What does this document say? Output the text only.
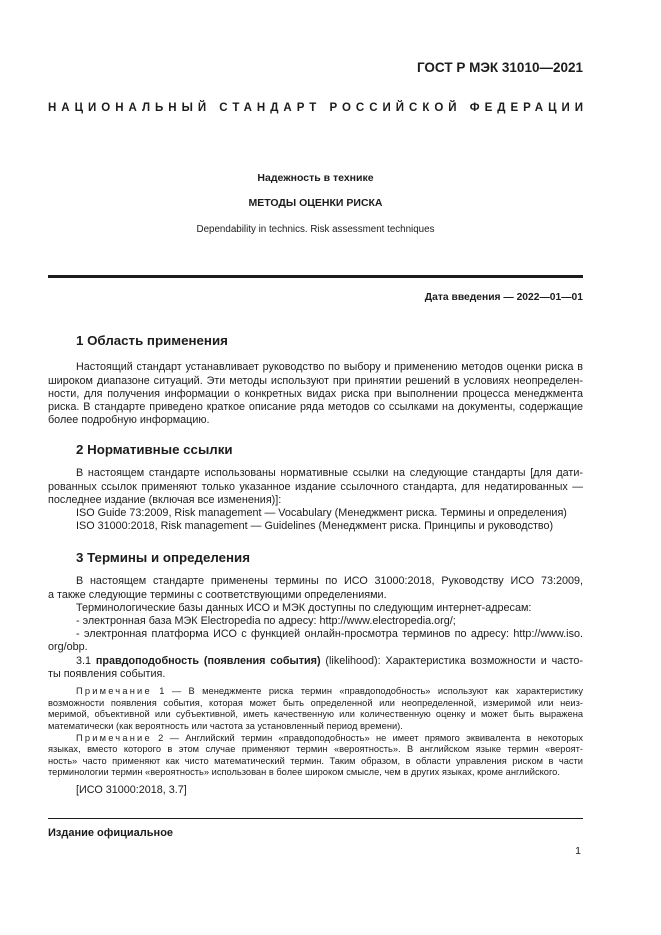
ГОСТ Р МЭК 31010—2021
НАЦИОНАЛЬНЫЙ СТАНДАРТ РОССИЙСКОЙ ФЕДЕРАЦИИ
Надежность в технике
МЕТОДЫ ОЦЕНКИ РИСКА
Dependability in technics. Risk assessment techniques
Дата введения — 2022—01—01
1 Область применения
Настоящий стандарт устанавливает руководство по выбору и применению методов оценки риска в
широком диапазоне ситуаций. Эти методы используют при принятии решений в условиях неопределен-
ности, для получения информации о конкретных видах риска при выполнении процесса менеджмента
риска. В стандарте приведено краткое описание ряда методов со ссылками на документы, содержащие
более подробную информацию.
2 Нормативные ссылки
В настоящем стандарте использованы нормативные ссылки на следующие стандарты [для дати-
рованных ссылок применяют только указанное издание ссылочного стандарта, для недатированных —
последнее издание (включая все изменения)]:
ISO Guide 73:2009, Risk management — Vocabulary (Менеджмент риска. Термины и определения)
ISO 31000:2018, Risk management — Guidelines (Менеджмент риска. Принципы и руководство)
3 Термины и определения
В настоящем стандарте применены термины по ИСО 31000:2018, Руководству ИСО 73:2009,
а также следующие термины с соответствующими определениями.
Терминологические базы данных ИСО и МЭК доступны по следующим интернет-адресам:
- электронная база МЭК Electropedia по адресу: http://www.electropedia.org/;
- электронная платформа ИСО с функцией онлайн-просмотра терминов по адресу: http://www.iso.
org/obp.
3.1 правдоподобность (появления события) (likelihood): Характеристика возможности и часто-
ты появления события.
Примечание 1 — В менеджменте риска термин «правдоподобность» используют как характеристику
возможности появления события, которая может быть определенной или неопределенной, измеримой или неиз-
меримой, объективной или субъективной, иметь качественную или количественную оценку и может быть выражена
математически (как вероятность или частота за установленный период времени).
Примечание 2 — Английский термин «правдоподобность» не имеет прямого эквивалента в некоторых
языках, вместо которого в этом случае применяют термин «вероятность». В английском языке термин «вероят-
ность» часто применяют как чисто математический термин. Таким образом, в области управления риском в части
терминологии термин «вероятность» использован в более широком смысле, чем в других языках, кроме английского.
[ИСО 31000:2018, 3.7]
Издание официальное
1
